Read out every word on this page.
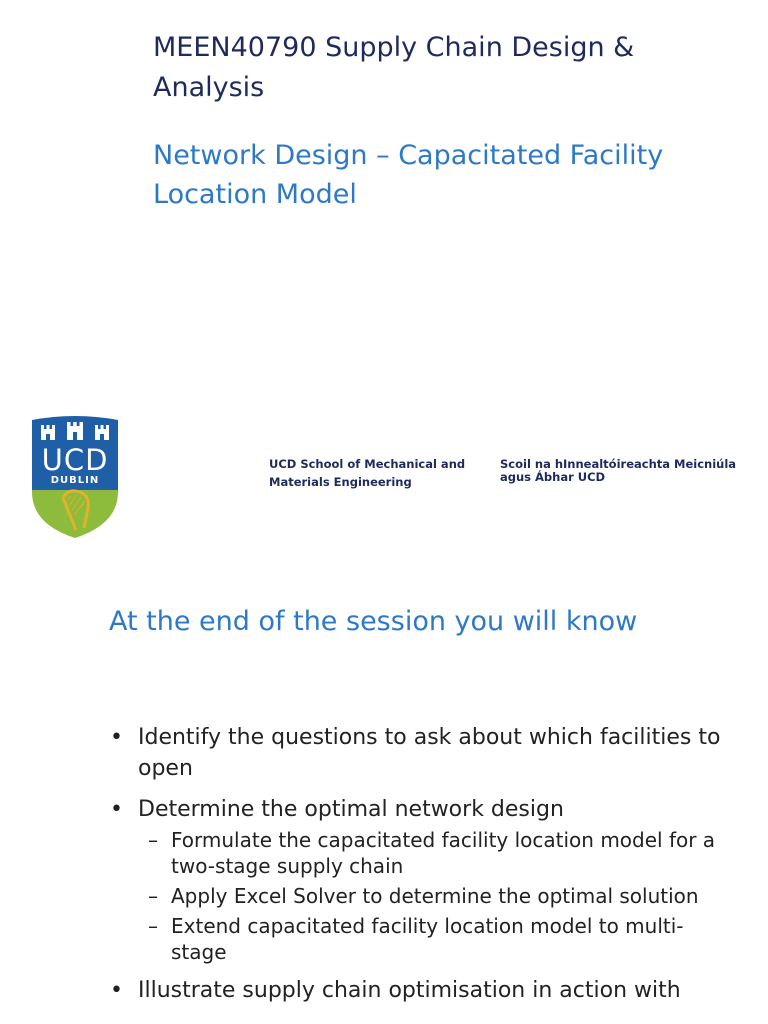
MEEN40790 Supply Chain Design & Analysis
Network Design – Capacitated Facility Location Model
UCD
DUBLIN
UCD School of Mechanical and Materials Engineering
Scoil na hInnealtóireachta Meicniúla agus Ábhar UCD
At the end of the session you will know
• Identify the questions to ask about which facilities to open
• Determine the optimal network design
– Formulate the capacitated facility location model for a two-stage supply chain
– Apply Excel Solver to determine the optimal solution
– Extend capacitated facility location model to multi-stage
• Illustrate supply chain optimisation in action with
